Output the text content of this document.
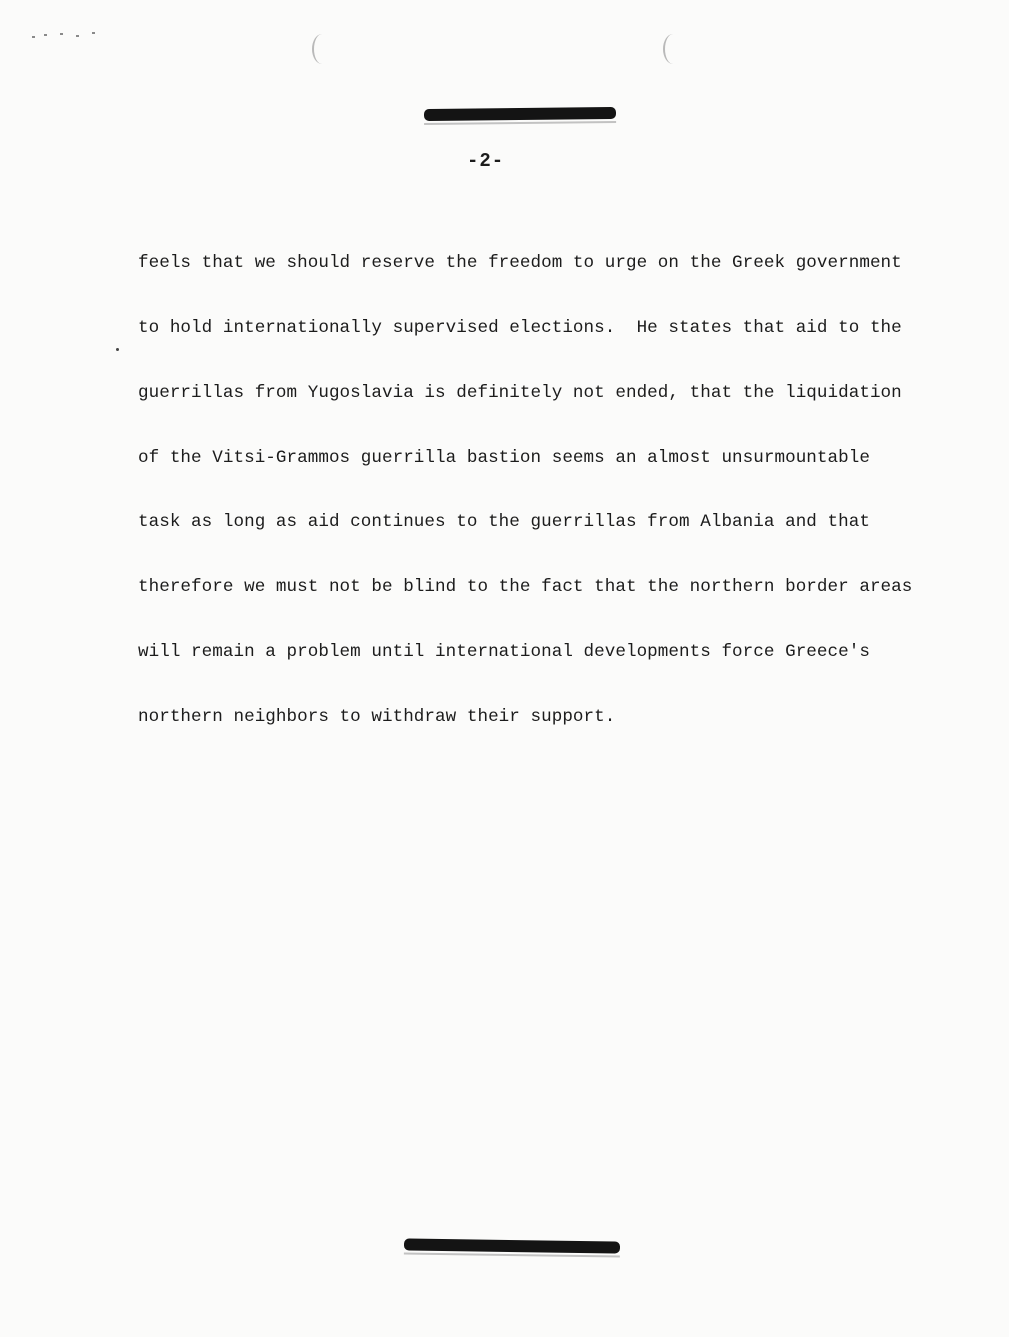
-2-

feels that we should reserve the freedom to urge on the Greek government

to hold internationally supervised elections.  He states that aid to the

guerrillas from Yugoslavia is definitely not ended, that the liquidation

of the Vitsi-Grammos guerrilla bastion seems an almost unsurmountable

task as long as aid continues to the guerrillas from Albania and that

therefore we must not be blind to the fact that the northern border areas

will remain a problem until international developments force Greece's

northern neighbors to withdraw their support.
